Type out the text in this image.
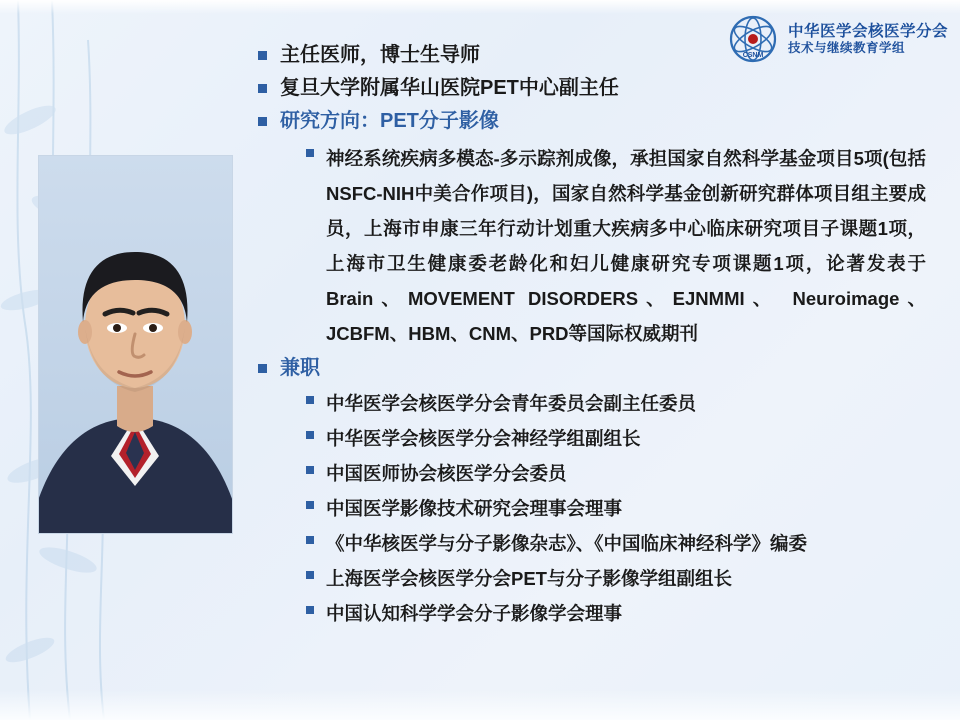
CSNM
中华医学会核医学分会
技术与继续教育学组
主任医师，博士生导师
复旦大学附属华山医院PET中心副主任
研究方向：PET分子影像
神经系统疾病多模态-多示踪剂成像，承担国家自然科学基金项目5项(包括NSFC-NIH中美合作项目)，国家自然科学基金创新研究群体项目组主要成员，上海市申康三年行动计划重大疾病多中心临床研究项目子课题1项，上海市卫生健康委老龄化和妇儿健康研究专项课题1项，论著发表于Brain、MOVEMENT DISORDERS、EJNMMI、 Neuroimage、JCBFM、HBM、CNM、PRD等国际权威期刊
兼职
中华医学会核医学分会青年委员会副主任委员
中华医学会核医学分会神经学组副组长
中国医师协会核医学分会委员
中国医学影像技术研究会理事会理事
《中华核医学与分子影像杂志》、《中国临床神经科学》编委
上海医学会核医学分会PET与分子影像学组副组长
中国认知科学学会分子影像学会理事
